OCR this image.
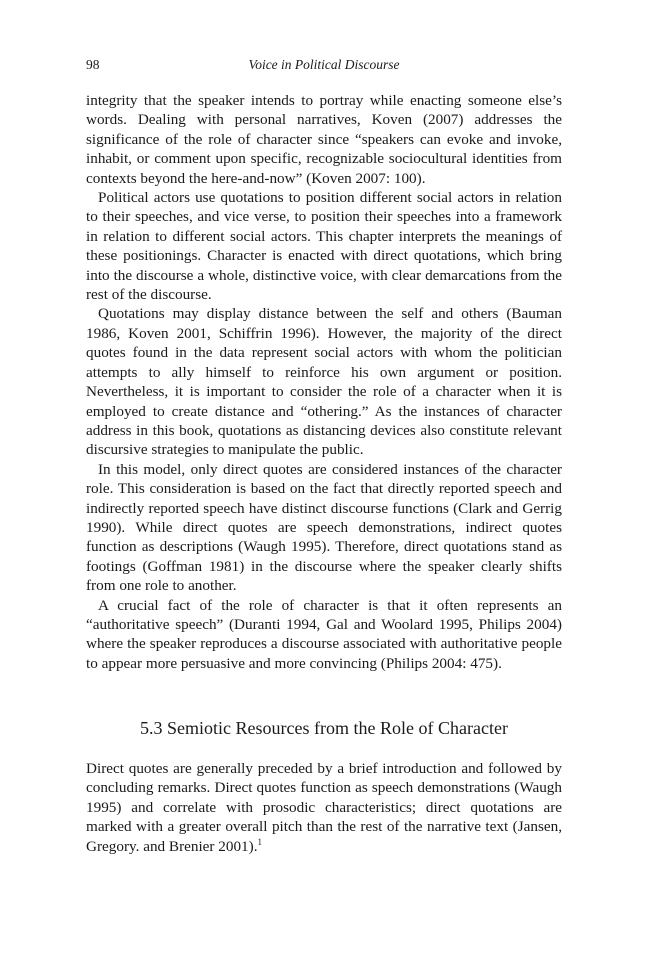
98	Voice in Political Discourse

integrity that the speaker intends to portray while enacting someone else’s words. Dealing with personal narratives, Koven (2007) addresses the significance of the role of character since “speakers can evoke and invoke, inhabit, or comment upon specific, recognizable sociocultural identities from contexts beyond the here-and-now” (Koven 2007: 100).

Political actors use quotations to position different social actors in relation to their speeches, and vice verse, to position their speeches into a framework in relation to different social actors. This chapter interprets the meanings of these positionings. Character is enacted with direct quotations, which bring into the discourse a whole, distinctive voice, with clear demarcations from the rest of the discourse.

Quotations may display distance between the self and others (Bauman 1986, Koven 2001, Schiffrin 1996). However, the majority of the direct quotes found in the data represent social actors with whom the politician attempts to ally himself to reinforce his own argument or position. Nevertheless, it is important to consider the role of a character when it is employed to create distance and “othering.” As the instances of character address in this book, quotations as distancing devices also constitute relevant discursive strategies to manipulate the public.

In this model, only direct quotes are considered instances of the character role. This consideration is based on the fact that directly reported speech and indirectly reported speech have distinct discourse functions (Clark and Gerrig 1990). While direct quotes are speech demonstrations, indirect quotes function as descriptions (Waugh 1995). Therefore, direct quotations stand as footings (Goffman 1981) in the discourse where the speaker clearly shifts from one role to another.

A crucial fact of the role of character is that it often represents an “authoritative speech” (Duranti 1994, Gal and Woolard 1995, Philips 2004) where the speaker reproduces a discourse associated with authoritative people to appear more persuasive and more convincing (Philips 2004: 475).

5.3 Semiotic Resources from the Role of Character

Direct quotes are generally preceded by a brief introduction and followed by concluding remarks. Direct quotes function as speech demonstrations (Waugh 1995) and correlate with prosodic characteristics; direct quotations are marked with a greater overall pitch than the rest of the narrative text (Jansen, Gregory. and Brenier 2001).$^1$
